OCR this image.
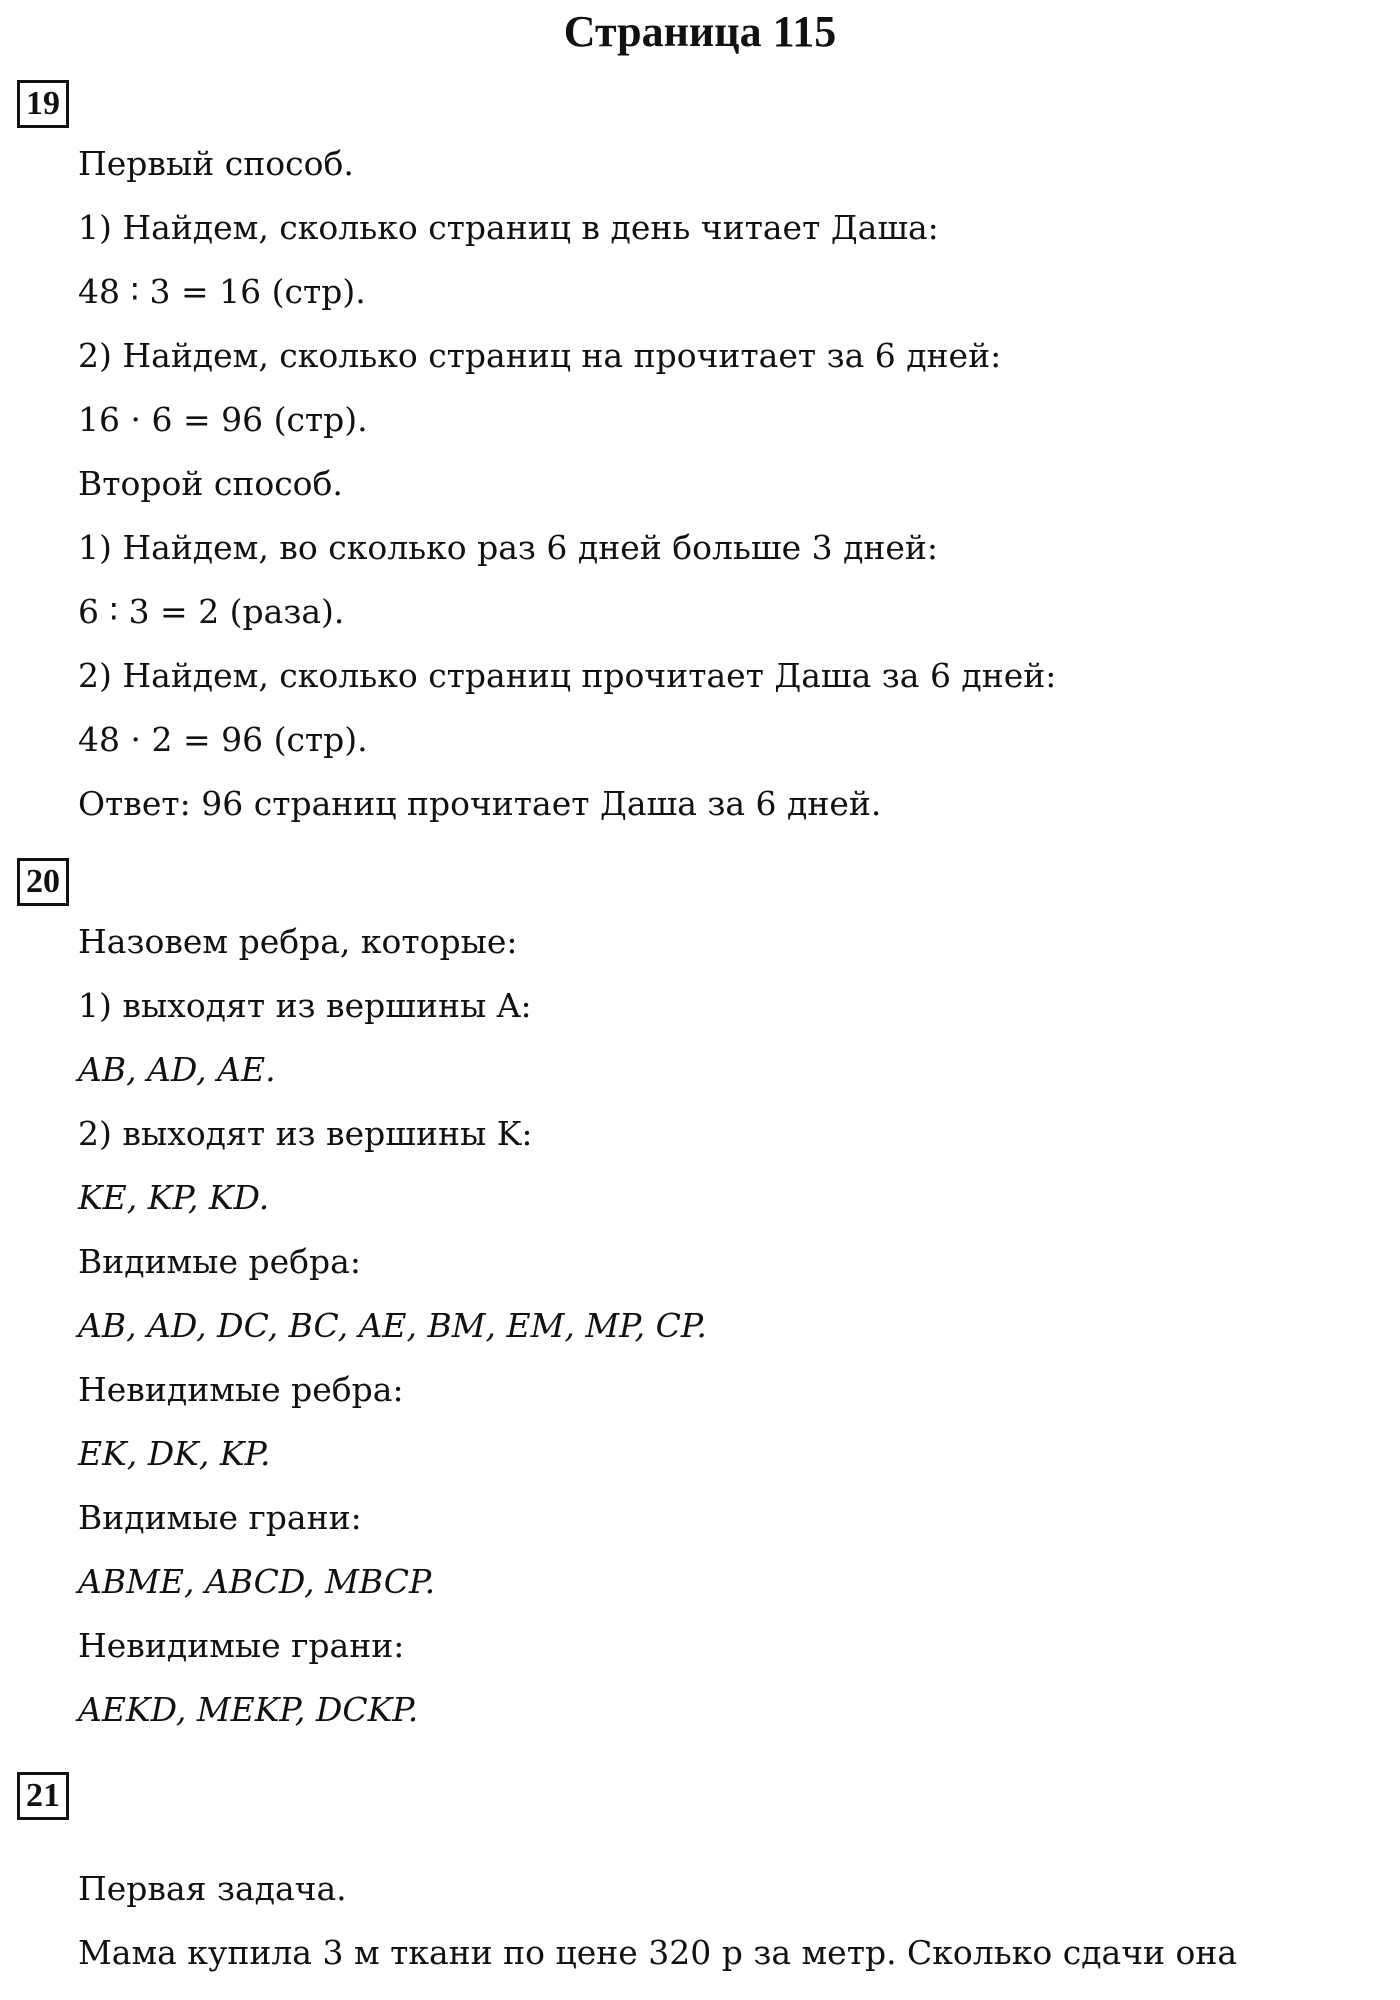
Страница 115
19
Первый способ.
1) Найдем, сколько страниц в день читает Даша:
48 ∶ 3 = 16 (стр).
2) Найдем, сколько страниц на прочитает за 6 дней:
16 · 6 = 96 (стр).
Второй способ.
1) Найдем, во сколько раз 6 дней больше 3 дней:
6 ∶ 3 = 2 (раза).
2) Найдем, сколько страниц прочитает Даша за 6 дней:
48 · 2 = 96 (стр).
Ответ: 96 страниц прочитает Даша за 6 дней.
20
Назовем ребра, которые:
1) выходят из вершины A:
AB, AD, AE.
2) выходят из вершины K:
KE, KP, KD.
Видимые ребра:
AB, AD, DC, BC, AE, BM, EM, MP, CP.
Невидимые ребра:
EK, DK, KP.
Видимые грани:
ABME, ABCD, MBCP.
Невидимые грани:
AEKD, MEKP, DCKP.
21
Первая задача.
Мама купила 3 м ткани по цене 320 р за метр. Сколько сдачи она
